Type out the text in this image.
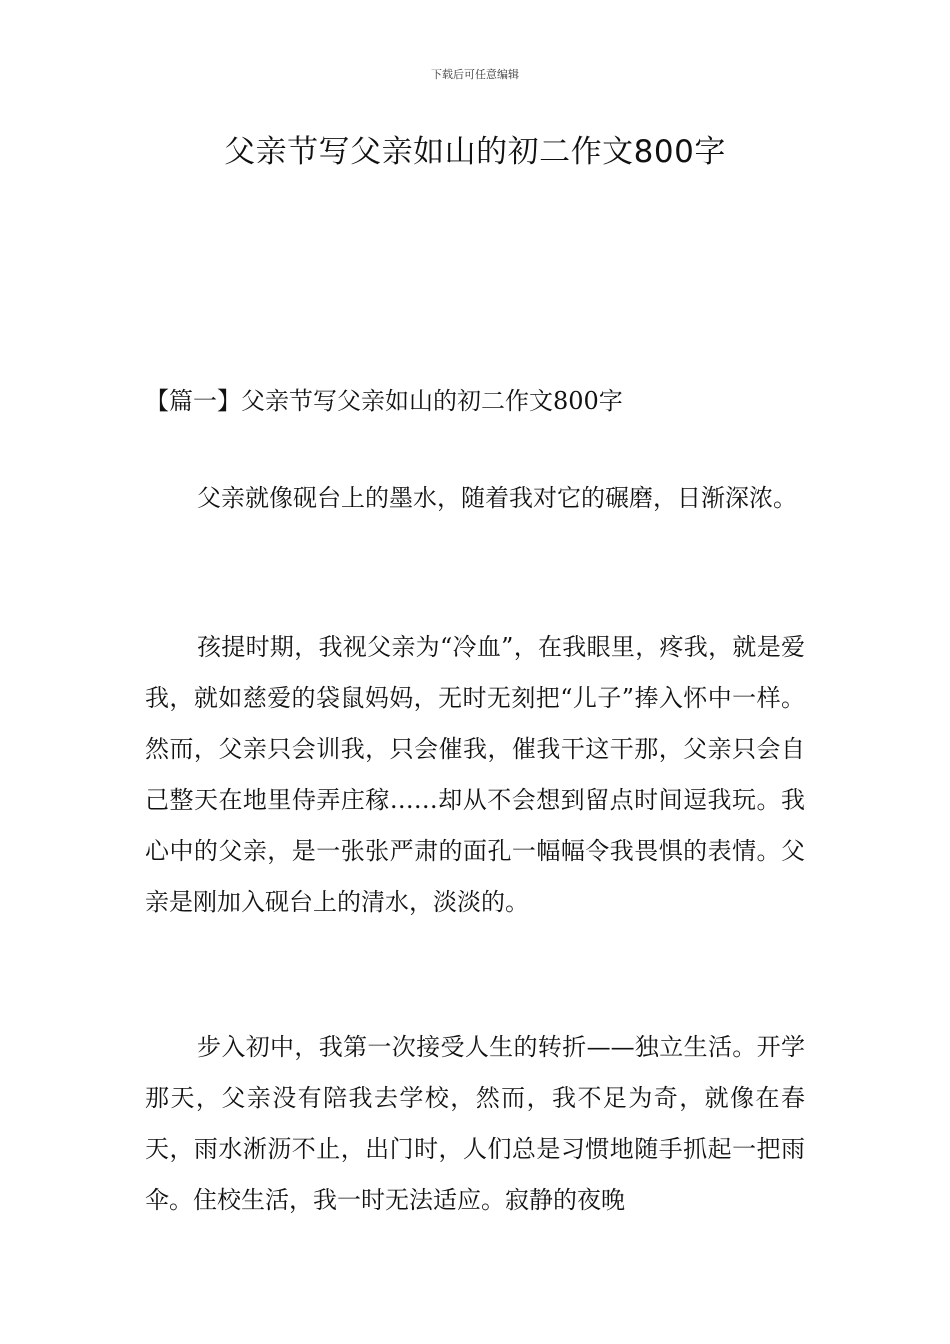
下载后可任意编辑
父亲节写父亲如山的初二作文800字
【篇一】父亲节写父亲如山的初二作文800字

父亲就像砚台上的墨水，随着我对它的碾磨，日渐深浓。

孩提时期，我视父亲为“冷血”，在我眼里，疼我，就是爱我，就如慈爱的袋鼠妈妈，无时无刻把“儿子”捧入怀中一样。然而，父亲只会训我，只会催我，催我干这干那，父亲只会自己整天在地里侍弄庄稼……却从不会想到留点时间逗我玩。我心中的父亲，是一张张严肃的面孔一幅幅令我畏惧的表情。父亲是刚加入砚台上的清水，淡淡的。

步入初中，我第一次接受人生的转折——独立生活。开学那天，父亲没有陪我去学校，然而，我不足为奇，就像在春天，雨水淅沥不止，出门时，人们总是习惯地随手抓起一把雨伞。住校生活，我一时无法适应。寂静的夜晚
